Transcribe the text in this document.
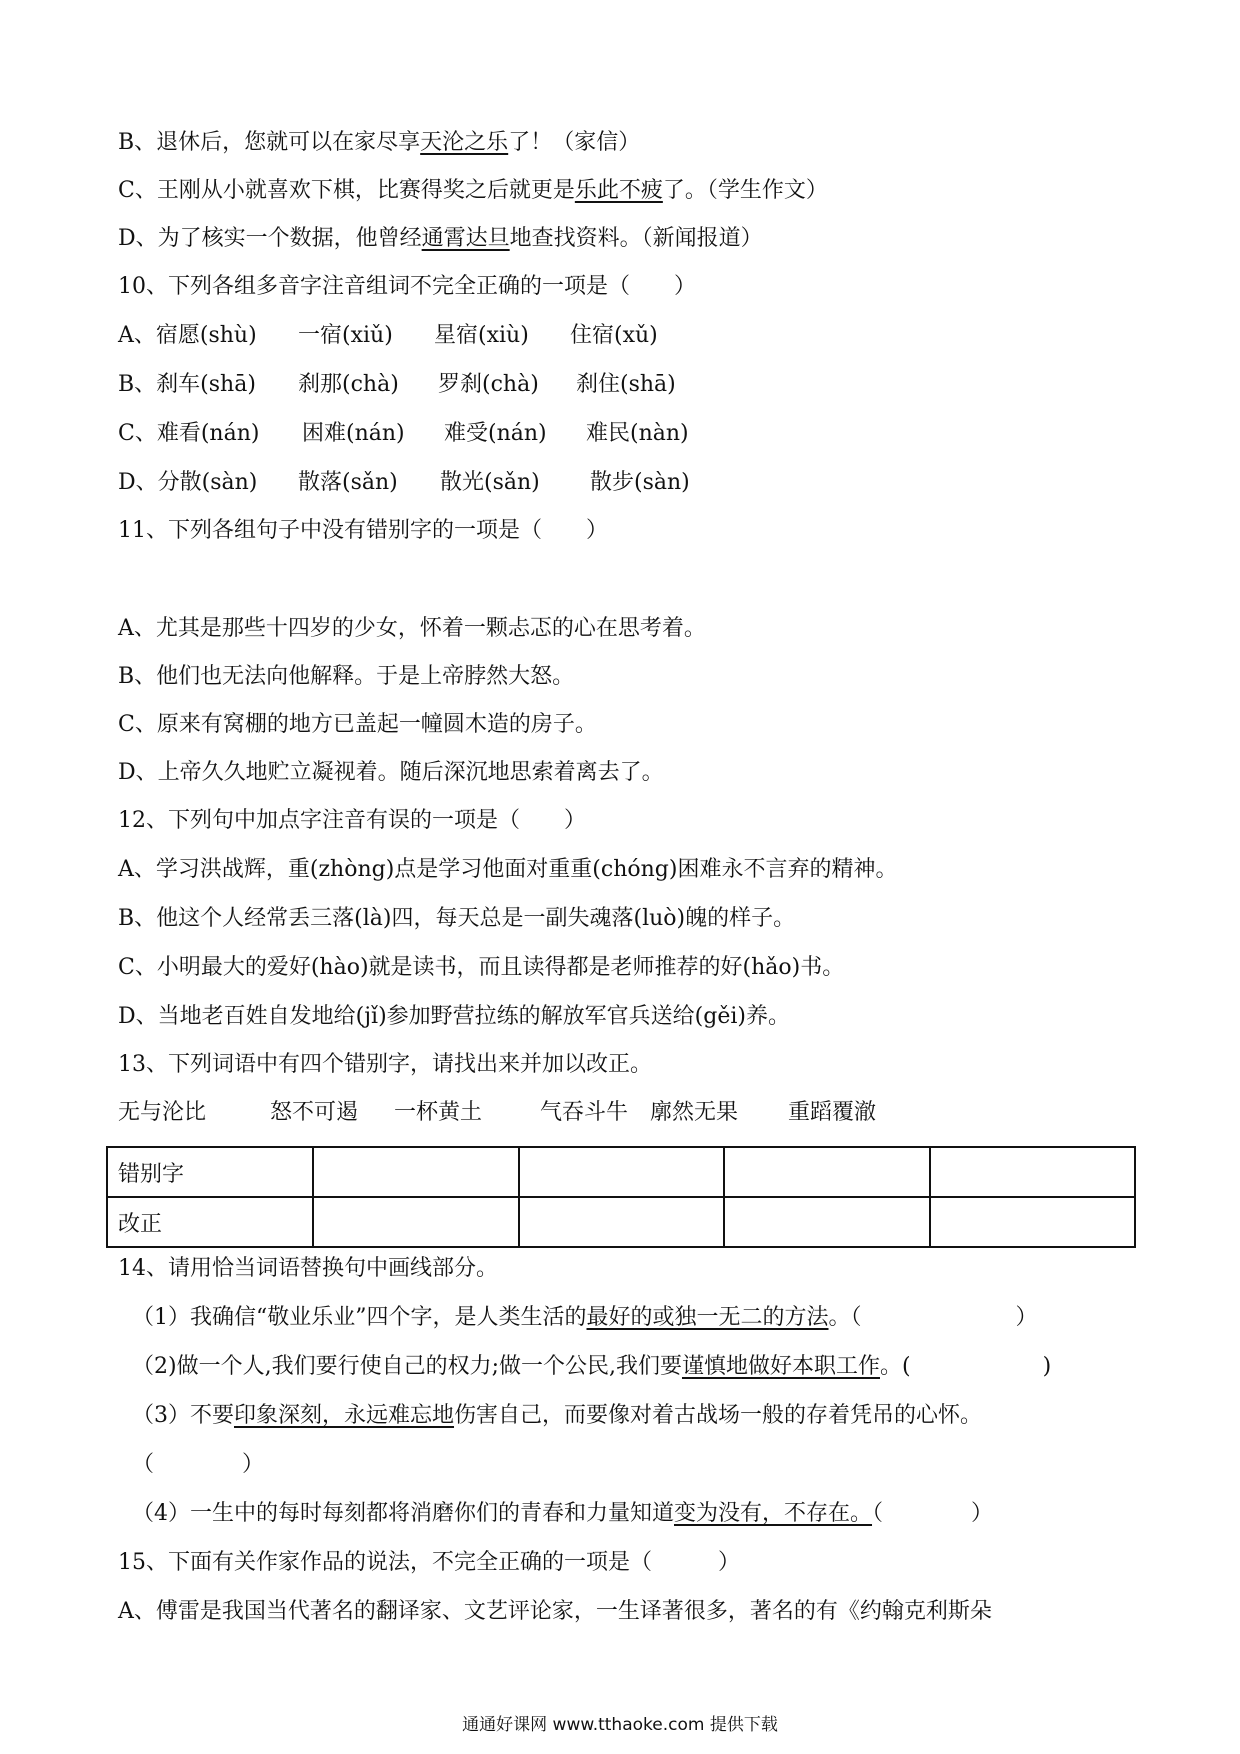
B、退休后，您就可以在家尽享天沦之乐了！（家信）
C、王刚从小就喜欢下棋，比赛得奖之后就更是乐此不疲了。（学生作文）
D、为了核实一个数据，他曾经通霄达旦地查找资料。（新闻报道）
10、下列各组多音字注音组词不完全正确的一项是（　　）
A、宿愿(shù) 一宿(xiǔ) 星宿(xiù) 住宿(xǔ)
B、刹车(shā) 刹那(chà) 罗刹(chà) 刹住(shā)
C、难看(nán) 困难(nán) 难受(nán) 难民(nàn)
D、分散(sàn) 散落(sǎn) 散光(sǎn) 散步(sàn)
11、下列各组句子中没有错别字的一项是（　　）
A、尤其是那些十四岁的少女，怀着一颗忐忑的心在思考着。
B、他们也无法向他解释。于是上帝脖然大怒。
C、原来有窝棚的地方已盖起一幢圆木造的房子。
D、上帝久久地贮立凝视着。随后深沉地思索着离去了。
12、下列句中加点字注音有误的一项是（　　）
A、学习洪战辉，重(zhòng)点是学习他面对重重(chóng)困难永不言弃的精神。
B、他这个人经常丢三落(là)四，每天总是一副失魂落(luò)魄的样子。
C、小明最大的爱好(hào)就是读书，而且读得都是老师推荐的好(hǎo)书。
D、当地老百姓自发地给(jǐ)参加野营拉练的解放军官兵送给(gěi)养。
13、下列词语中有四个错别字，请找出来并加以改正。
无与沦比	怒不可遏 一杯黄土	气吞斗牛 廓然无果 重蹈覆澈
错别字				
改正				
14、请用恰当词语替换句中画线部分。
（1）我确信“敬业乐业”四个字，是人类生活的最好的或独一无二的方法。（　　　　　　　）
（2)做一个人,我们要行使自己的权力;做一个公民,我们要谨慎地做好本职工作。(　　　　　　)
（3）不要印象深刻，永远难忘地伤害自己，而要像对着古战场一般的存着凭吊的心怀。
（　　　　）
（4）一生中的每时每刻都将消磨你们的青春和力量知道变为没有，不存在。（　　　　）
15、下面有关作家作品的说法，不完全正确的一项是（　　　）
A、傅雷是我国当代著名的翻译家、文艺评论家，一生译著很多，著名的有《约翰克利斯朵
通通好课网 www.tthaoke.com 提供下载
